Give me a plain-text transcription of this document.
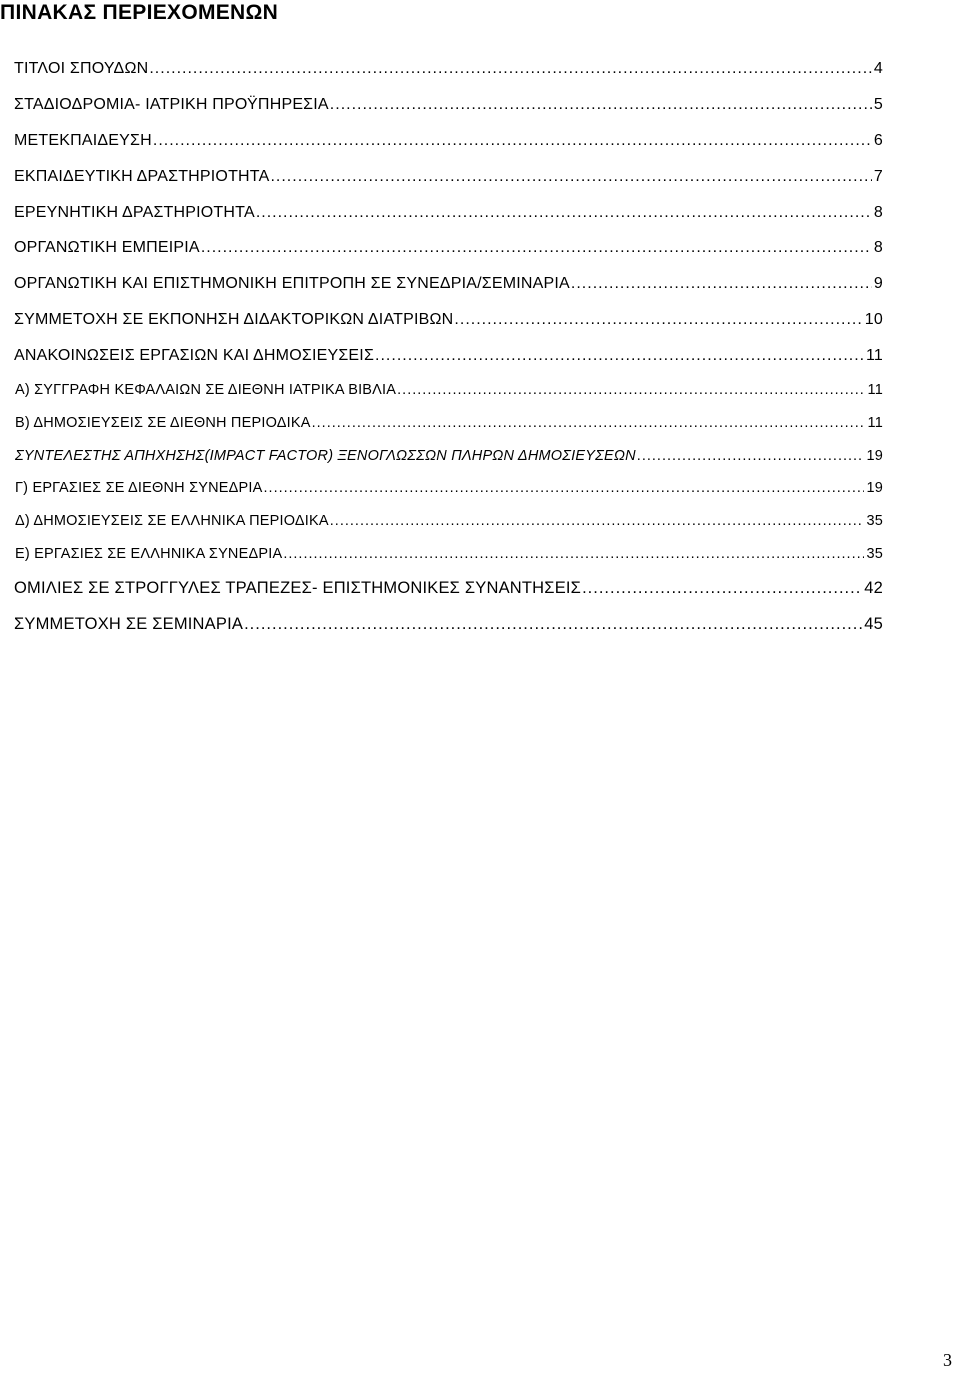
ΠΙΝΑΚΑΣ ΠΕΡΙΕΧΟΜΕΝΩΝ
ΤΙΤΛΟΙ ΣΠΟΥΔΩΝ .....	4
ΣΤΑΔΙΟΔΡΟΜΙΑ- ΙΑΤΡΙΚΗ ΠΡΟΫΠΗΡΕΣΙΑ .....	5
ΜΕΤΕΚΠΑΙΔΕΥΣΗ .....	6
ΕΚΠΑΙΔΕΥΤΙΚΗ ΔΡΑΣΤΗΡΙΟΤΗΤΑ .....	7
ΕΡΕΥΝΗΤΙΚΗ ΔΡΑΣΤΗΡΙΟΤΗΤΑ .....	8
ΟΡΓΑΝΩΤΙΚΗ ΕΜΠΕΙΡΙΑ .....	8
ΟΡΓΑΝΩΤΙΚΗ ΚΑΙ ΕΠΙΣΤΗΜΟΝΙΚΗ ΕΠΙΤΡΟΠΗ ΣΕ ΣΥΝΕΔΡΙΑ/ΣΕΜΙΝΑΡΙΑ .....	9
ΣΥΜΜΕΤΟΧΗ ΣΕ ΕΚΠΟΝΗΣΗ ΔΙΔΑΚΤΟΡΙΚΩΝ ΔΙΑΤΡΙΒΩΝ .....	10
ΑΝΑΚΟΙΝΩΣΕΙΣ ΕΡΓΑΣΙΩΝ ΚΑΙ ΔΗΜΟΣΙΕΥΣΕΙΣ .....	11
Α) ΣΥΓΓΡΑΦΗ ΚΕΦΑΛΑΙΩΝ ΣΕ ΔΙΕΘΝΗ ΙΑΤΡΙΚΑ ΒΙΒΛΙΑ .....	11
Β) ΔΗΜΟΣΙΕΥΣΕΙΣ ΣΕ ΔΙΕΘΝΗ ΠΕΡΙΟΔΙΚΑ .....	11
ΣΥΝΤΕΛΕΣΤΗΣ ΑΠΗΧΗΣΗΣ(IMPACT FACTOR) ΞΕΝΟΓΛΩΣΣΩΝ ΠΛΗΡΩΝ ΔΗΜΟΣΙΕΥΣΕΩΝ .....	19
Γ) ΕΡΓΑΣΙΕΣ ΣΕ ΔΙΕΘΝΗ ΣΥΝΕΔΡΙΑ .....	19
Δ) ΔΗΜΟΣΙΕΥΣΕΙΣ ΣΕ ΕΛΛΗΝΙΚΑ ΠΕΡΙΟΔΙΚΑ .....	35
Ε) ΕΡΓΑΣΙΕΣ ΣΕ ΕΛΛΗΝΙΚΑ ΣΥΝΕΔΡΙΑ .....	35
ΟΜΙΛΙΕΣ ΣΕ ΣΤΡΟΓΓΥΛΕΣ ΤΡΑΠΕΖΕΣ- ΕΠΙΣΤΗΜΟΝΙΚΕΣ ΣΥΝΑΝΤΗΣΕΙΣ .....	42
ΣΥΜΜΕΤΟΧΗ ΣΕ ΣΕΜΙΝΑΡΙΑ .....	45
3
